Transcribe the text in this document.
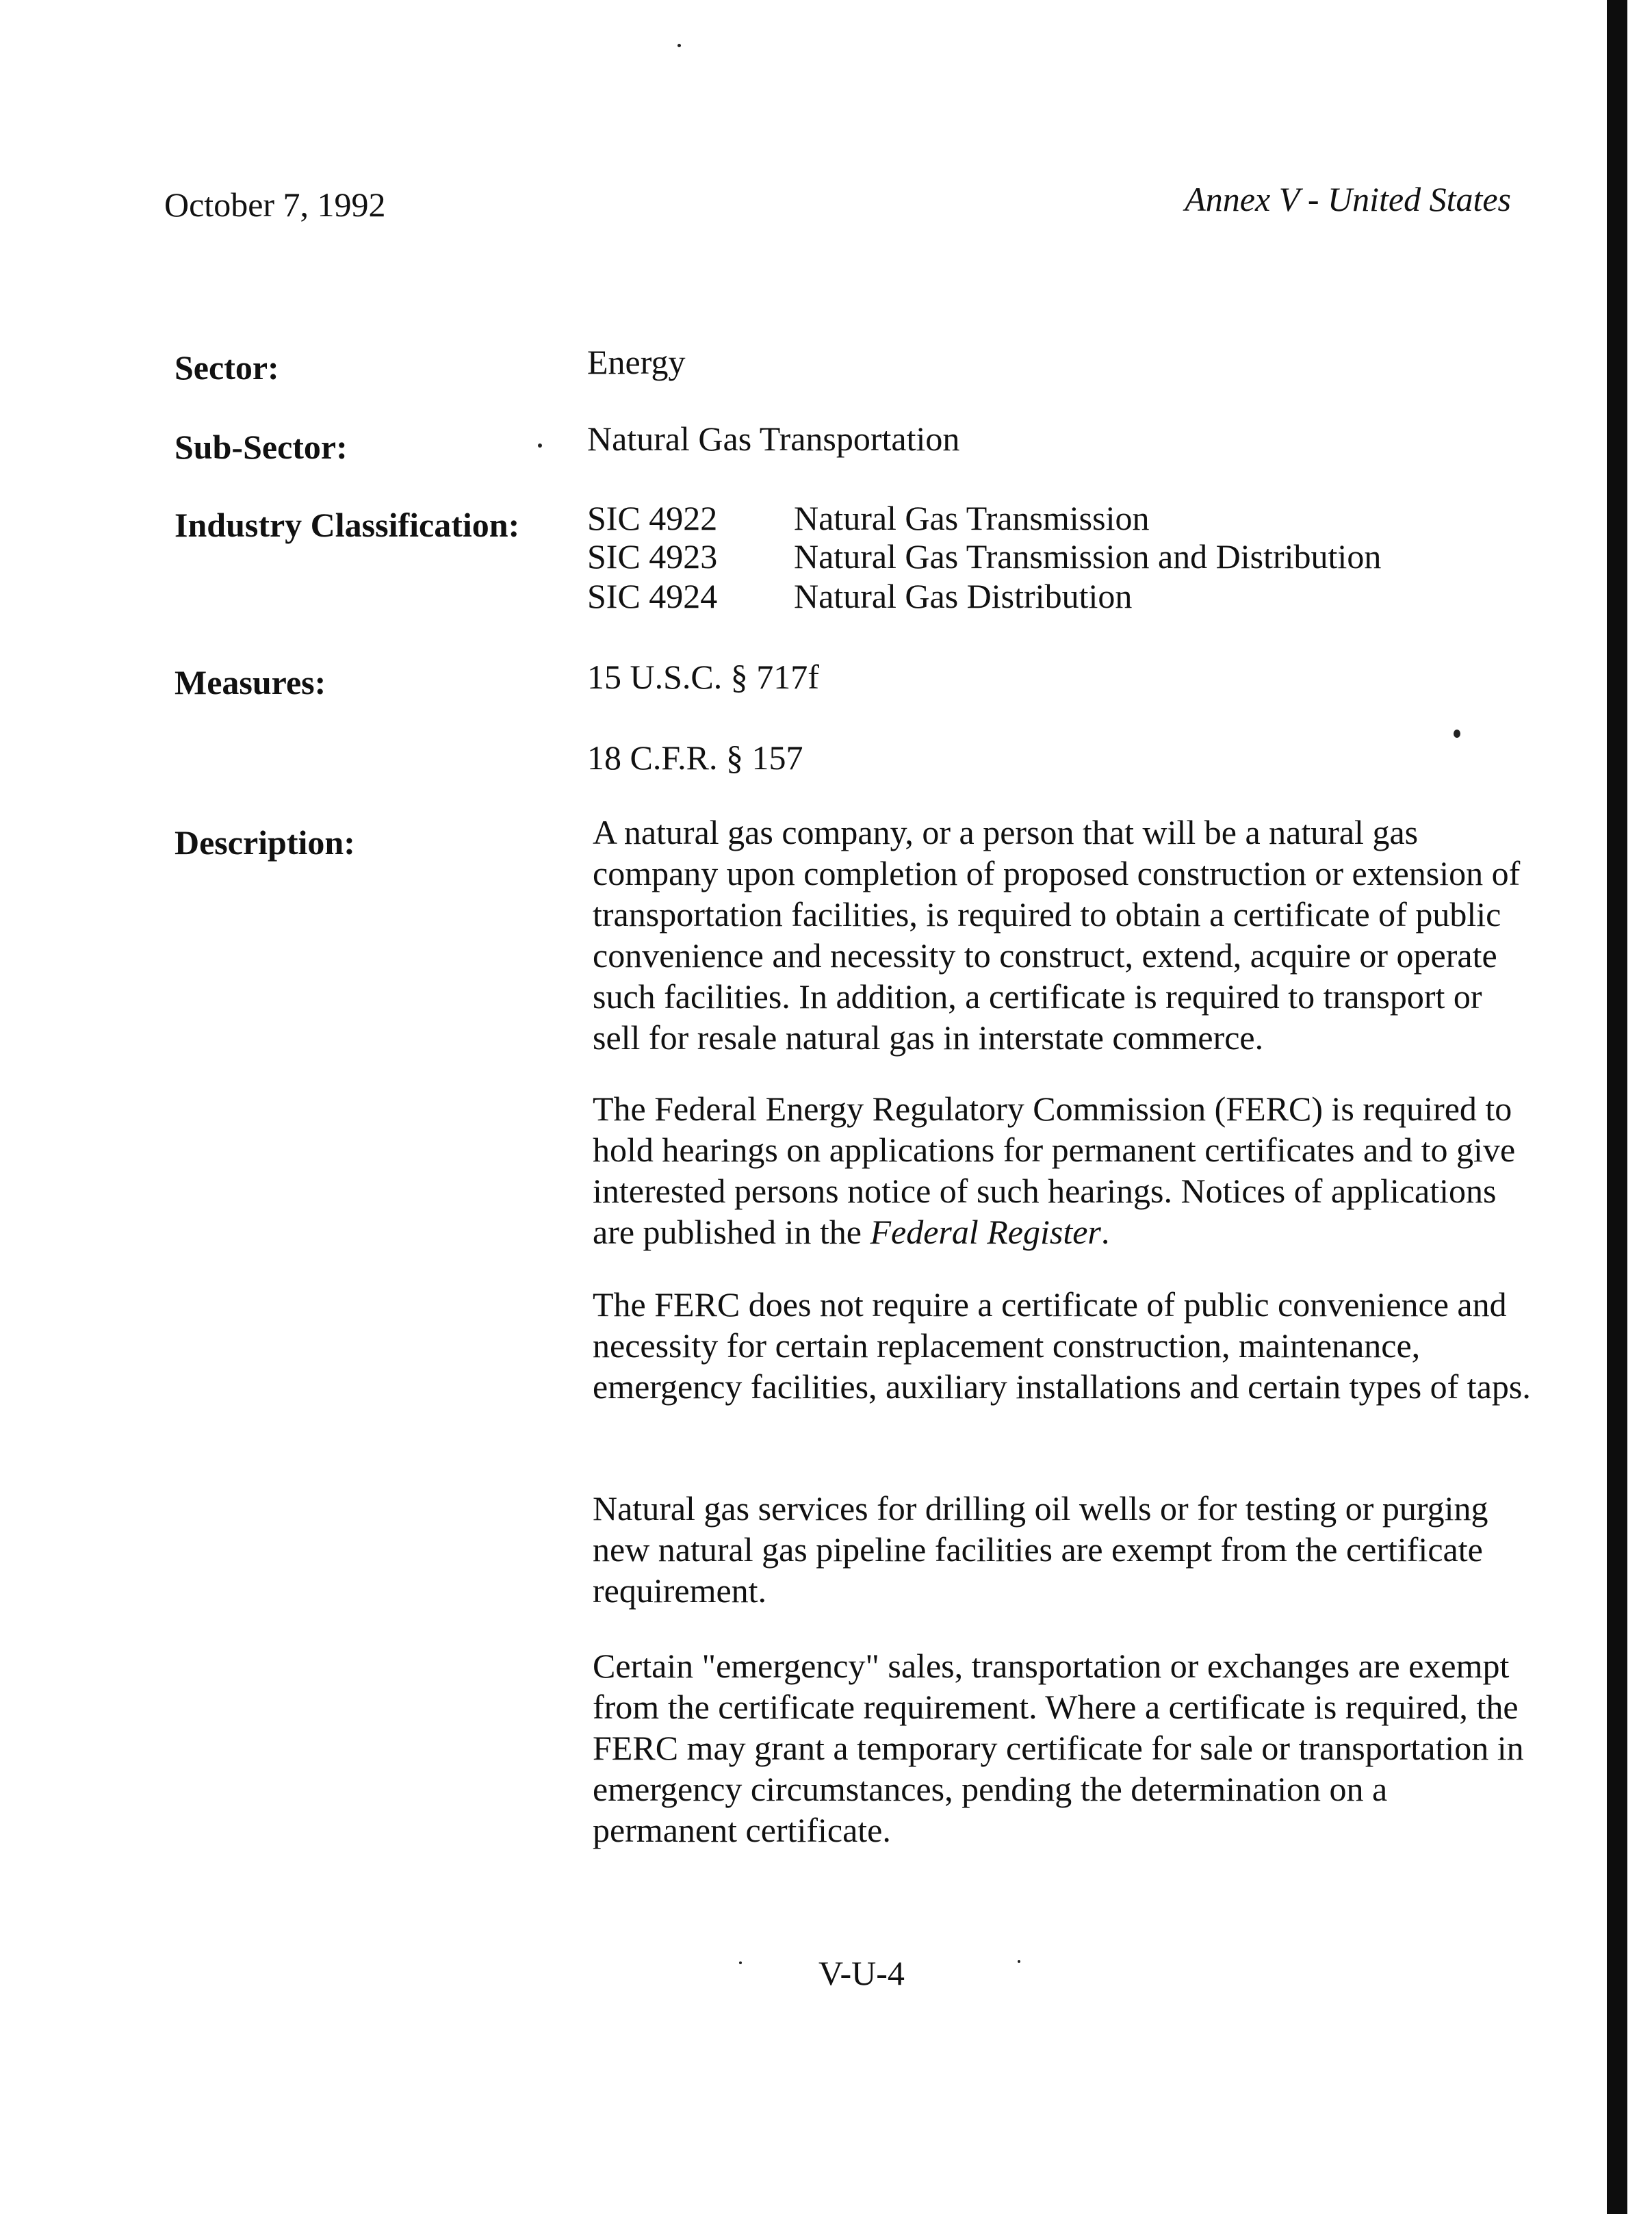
October 7, 1992	Annex V - United States
Sector:	Energy
Sub-Sector:	Natural Gas Transportation
Industry Classification: SIC 4922 Natural Gas Transmission
SIC 4923 Natural Gas Transmission and Distribution
SIC 4924 Natural Gas Distribution
Measures:	15 U.S.C. § 717f
18 C.F.R. § 157
Description:	A natural gas company, or a person that will be a natural gas company upon completion of proposed construction or extension of transportation facilities, is required to obtain a certificate of public convenience and necessity to construct, extend, acquire or operate such facilities. In addition, a certificate is required to transport or sell for resale natural gas in interstate commerce.

The Federal Energy Regulatory Commission (FERC) is required to hold hearings on applications for permanent certificates and to give interested persons notice of such hearings. Notices of applications are published in the Federal Register.

The FERC does not require a certificate of public convenience and necessity for certain replacement construction, maintenance, emergency facilities, auxiliary installations and certain types of taps.

Natural gas services for drilling oil wells or for testing or purging new natural gas pipeline facilities are exempt from the certificate requirement.

Certain "emergency" sales, transportation or exchanges are exempt from the certificate requirement. Where a certificate is required, the FERC may grant a temporary certificate for sale or transportation in emergency circumstances, pending the determination on a permanent certificate.

V-U-4
